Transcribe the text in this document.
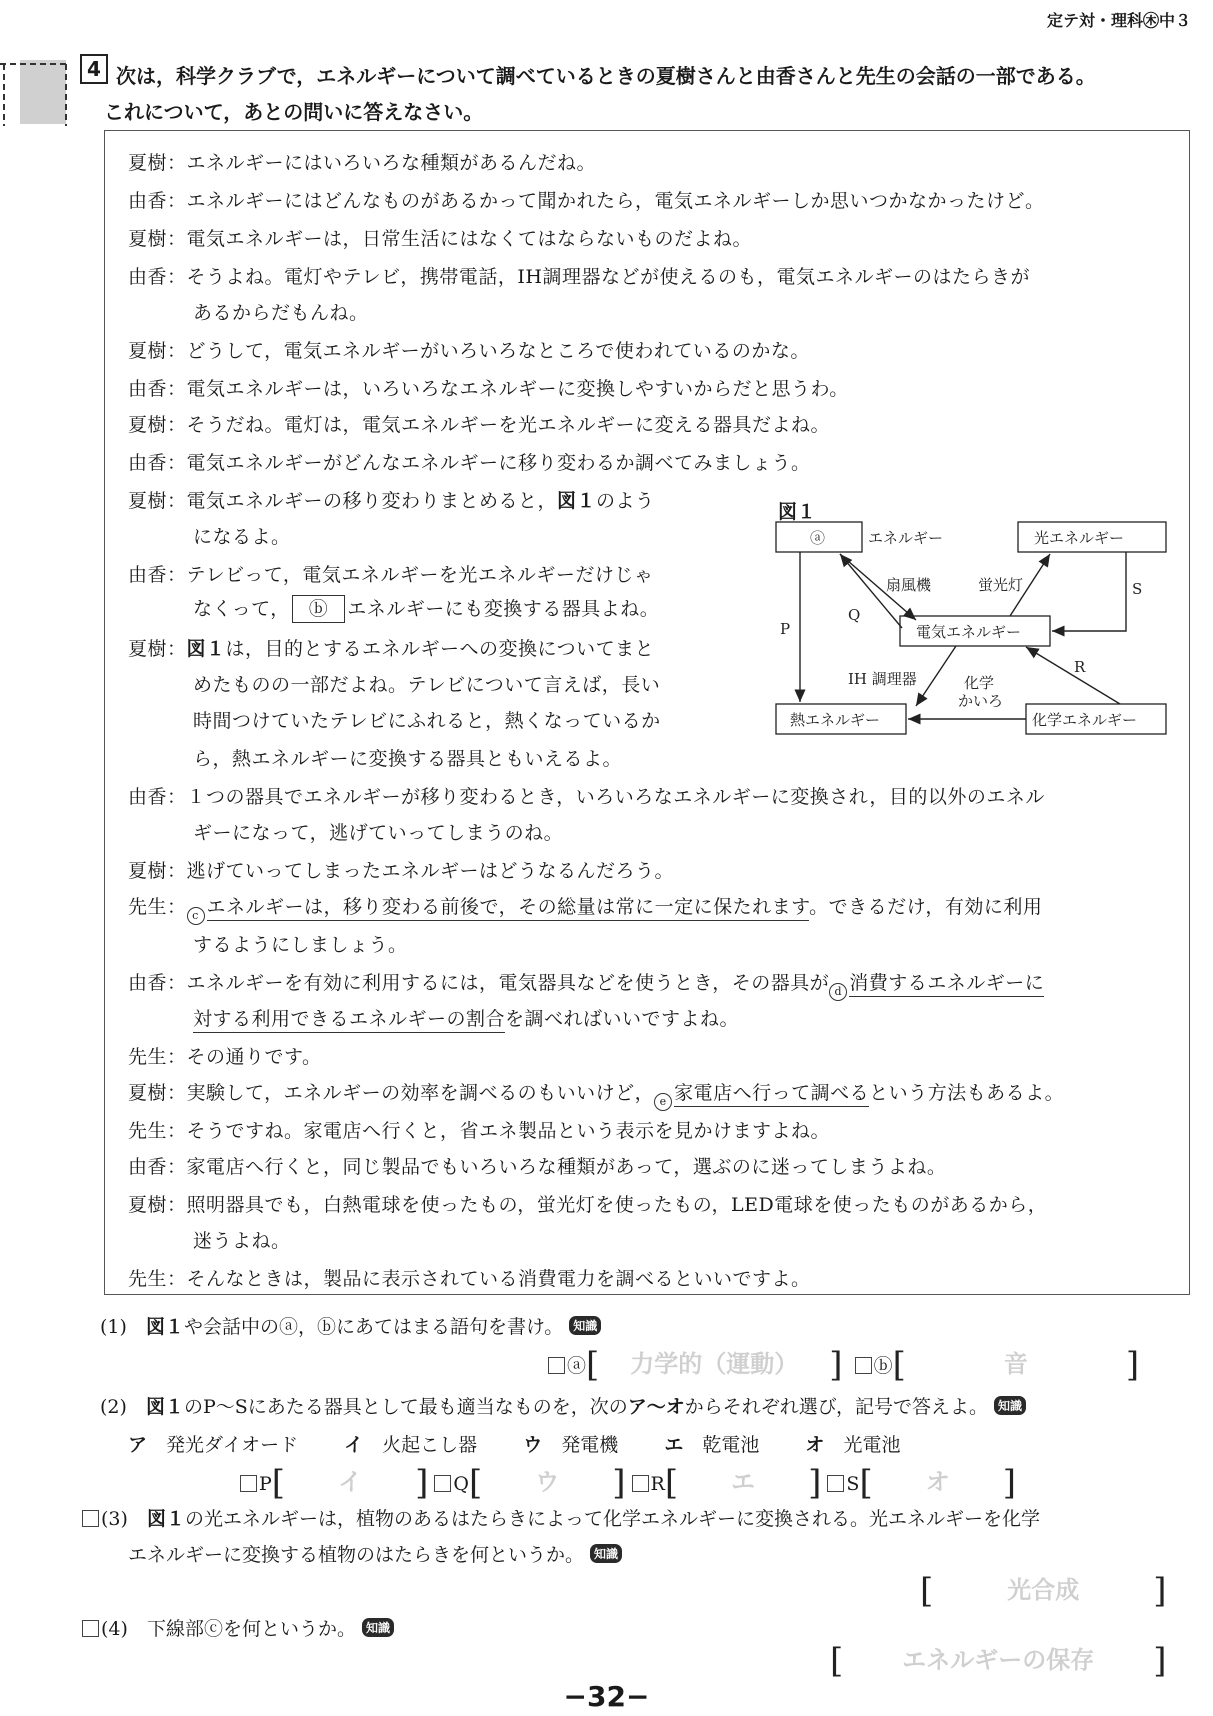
定テ対・理科㊍中３
4 次は，科学クラブで，エネルギーについて調べているときの夏樹さんと由香さんと先生の会話の一部である。
これについて，あとの問いに答えなさい。
夏樹：エネルギーにはいろいろな種類があるんだね。
由香：エネルギーにはどんなものがあるかって聞かれたら，電気エネルギーしか思いつかなかったけど。
夏樹：電気エネルギーは，日常生活にはなくてはならないものだよね。
由香：そうよね。電灯やテレビ，携帯電話，IH調理器などが使えるのも，電気エネルギーのはたらきが
あるからだもんね。
夏樹：どうして，電気エネルギーがいろいろなところで使われているのかな。
由香：電気エネルギーは，いろいろなエネルギーに変換しやすいからだと思うわ。
夏樹：そうだね。電灯は，電気エネルギーを光エネルギーに変える器具だよね。
由香：電気エネルギーがどんなエネルギーに移り変わるか調べてみましょう。
夏樹：電気エネルギーの移り変わりまとめると，図１のよう
になるよ。
由香：テレビって，電気エネルギーを光エネルギーだけじゃ
なくって， ⓑ エネルギーにも変換する器具よね。
夏樹：図１は，目的とするエネルギーへの変換についてまと
めたものの一部だよね。テレビについて言えば，長い
時間つけていたテレビにふれると，熱くなっているか
ら，熱エネルギーに変換する器具ともいえるよ。
由香：１つの器具でエネルギーが移り変わるとき，いろいろなエネルギーに変換され，目的以外のエネル
ギーになって，逃げていってしまうのね。
夏樹：逃げていってしまったエネルギーはどうなるんだろう。
先生： c エネルギーは，移り変わる前後で，その総量は常に一定に保たれます。できるだけ，有効に利用
するようにしましょう。
由香：エネルギーを有効に利用するには，電気器具などを使うとき，その器具が d 消費するエネルギーに
対する利用できるエネルギーの割合を調べればいいですよね。
先生：その通りです。
夏樹：実験して，エネルギーの効率を調べるのもいいけど， e 家電店へ行って調べるという方法もあるよ。
先生：そうですね。家電店へ行くと，省エネ製品という表示を見かけますよね。
由香：家電店へ行くと，同じ製品でもいろいろな種類があって，選ぶのに迷ってしまうよね。
夏樹：照明器具でも，白熱電球を使ったもの，蛍光灯を使ったもの，LED電球を使ったものがあるから，
迷うよね。
先生：そんなときは，製品に表示されている消費電力を調べるといいですよ。
図１
ⓐ	エネルギー	光エネルギー
電気エネルギー
熱エネルギー	化学エネルギー
扇風機	蛍光灯
IH 調理器	化学
かいろ
P
Q
R
S
(1)　 図１や会話中のⓐ，ⓑにあてはまる語句を書け。 知識
ⓐ[ 力学的（運動） ] ⓑ[	音	]
(2)　 図１のP～Sにあたる器具として最も適当なものを，次のア～オからそれぞれ選び，記号で答えよ。 知識
ア　 発光ダイオード イ　 火起こし器 ウ　 発電機 エ　 乾電池 オ　 光電池
P[ イ ] Q[ ウ ] R[ エ ] S[ オ ]
(3)　 図１の光エネルギーは，植物のあるはたらきによって化学エネルギーに変換される。光エネルギーを化学
エネルギーに変換する植物のはたらきを何というか。 知識
[	光合成 ]
(4)　 下線部ⓒを何というか。 知識
[ エネルギーの保存 ]
−32−
